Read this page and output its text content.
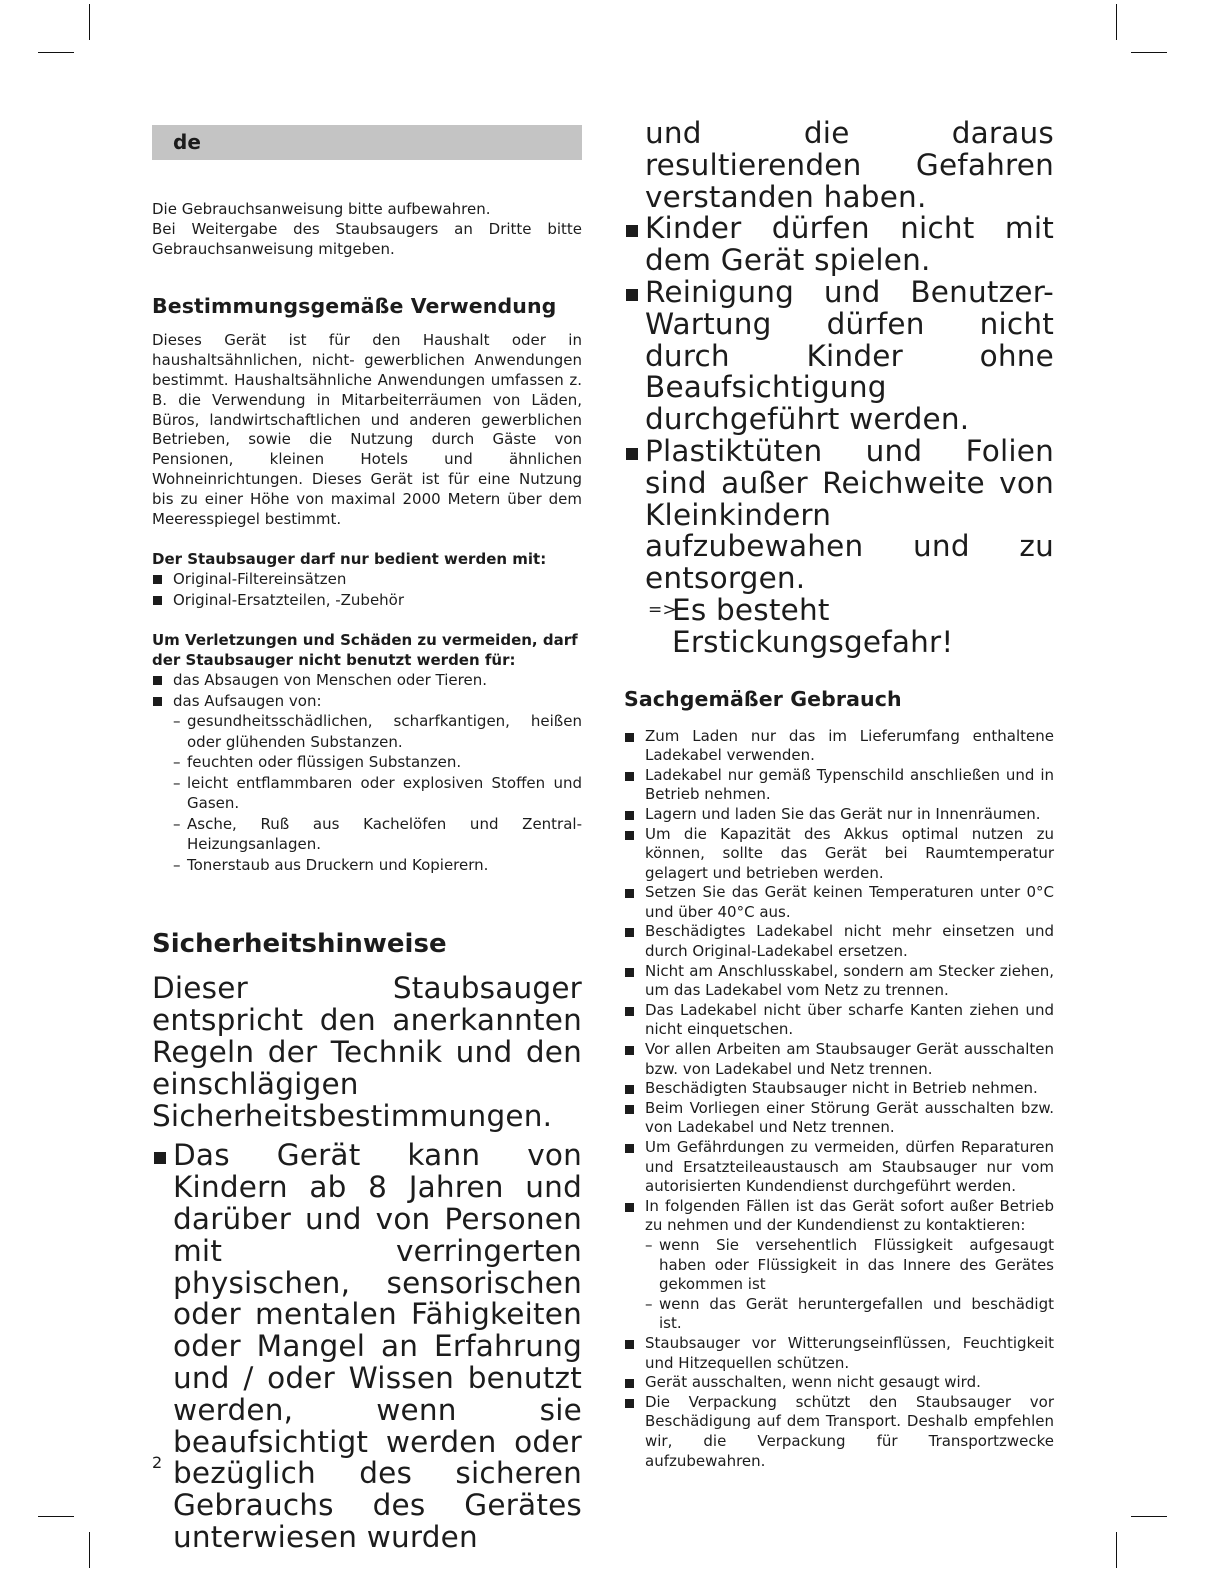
de

Die Gebrauchsanweisung bitte aufbewahren.

Bei Weitergabe des Staubsaugers an Dritte bitte Gebrauchsanweisung mitgeben.

Bestimmungsgemäße Verwendung

Dieses Gerät ist für den Haushalt oder in haushaltsähnlichen, nicht- gewerblichen Anwendungen bestimmt. Haushaltsähnliche Anwendungen umfassen z. B. die Verwendung in Mitarbeiterräumen von Läden, Büros, landwirtschaftlichen und anderen gewerblichen Betrieben, sowie die Nutzung durch Gäste von Pensionen, kleinen Hotels und ähnlichen Wohneinrichtungen. Dieses Gerät ist für eine Nutzung bis zu einer Höhe von maximal 2000 Metern über dem Meeresspiegel bestimmt.

Der Staubsauger darf nur bedient werden mit:
Original-Filtereinsätzen
Original-Ersatzteilen, -Zubehör
Um Verletzungen und Schäden zu vermeiden, darf der Staubsauger nicht benutzt werden für:
das Absaugen von Menschen oder Tieren.
das Aufsaugen von:
– gesundheitsschädlichen, scharfkantigen, heißen oder glühenden Substanzen.
– feuchten oder flüssigen Substanzen.
– leicht entflammbaren oder explosiven Stoffen und Gasen.
– Asche, Ruß aus Kachelöfen und Zentral- Heizungsanlagen.
– Tonerstaub aus Druckern und Kopierern.
Sicherheitshinweise

Dieser Staubsauger entspricht den anerkannten Regeln der Technik und den einschlägigen Sicherheitsbestimmungen.

Das Gerät kann von Kindern ab 8 Jahren und darüber und von Personen mit verringerten physischen, sensorischen oder mentalen Fähigkeiten oder Mangel an Erfahrung und / oder Wissen benutzt werden, wenn sie beaufsichtigt werden oder bezüglich des sicheren Gebrauchs des Gerätes unterwiesen wurden

und die daraus resultierenden Gefahren verstanden haben.

Kinder dürfen nicht mit dem Gerät spielen.
Reinigung und Benutzer-Wartung dürfen nicht durch Kinder ohne Beaufsichtigung durchgeführt werden.
Plastiktüten und Folien sind außer Reichweite von Kleinkindern aufzubewahen und zu entsorgen.
=>
Es besteht Erstickungsgefahr!
Sachgemäßer Gebrauch
Zum Laden nur das im Lieferumfang enthaltene Ladekabel verwenden.
Ladekabel nur gemäß Typenschild anschließen und in Betrieb nehmen.
Lagern und laden Sie das Gerät nur in Innenräumen.
Um die Kapazität des Akkus optimal nutzen zu können, sollte das Gerät bei Raumtemperatur gelagert und betrieben werden.
Setzen Sie das Gerät keinen Temperaturen unter 0°C und über 40°C aus.
Beschädigtes Ladekabel nicht mehr einsetzen und durch Original-Ladekabel ersetzen.
Nicht am Anschlusskabel, sondern am Stecker ziehen, um das Ladekabel vom Netz zu trennen.
Das Ladekabel nicht über scharfe Kanten ziehen und nicht einquetschen.
Vor allen Arbeiten am Staubsauger Gerät ausschalten bzw. von Ladekabel und Netz trennen.
Beschädigten Staubsauger nicht in Betrieb nehmen.
Beim Vorliegen einer Störung Gerät ausschalten bzw. von Ladekabel und Netz trennen.
Um Gefährdungen zu vermeiden, dürfen Reparaturen und Ersatzteileaustausch am Staubsauger nur vom autorisierten Kundendienst durchgeführt werden.
In folgenden Fällen ist das Gerät sofort außer Betrieb zu nehmen und der Kundendienst zu kontaktieren:
– wenn Sie versehentlich Flüssigkeit aufgesaugt haben oder Flüssigkeit in das Innere des Gerätes gekommen ist
– wenn das Gerät heruntergefallen und beschädigt ist.
Staubsauger vor Witterungseinflüssen, Feuchtigkeit und Hitzequellen schützen.
Gerät ausschalten, wenn nicht gesaugt wird.
Die Verpackung schützt den Staubsauger vor Beschädigung auf dem Transport. Deshalb empfehlen wir, die Verpackung für Transportzwecke aufzubewahren.
2
